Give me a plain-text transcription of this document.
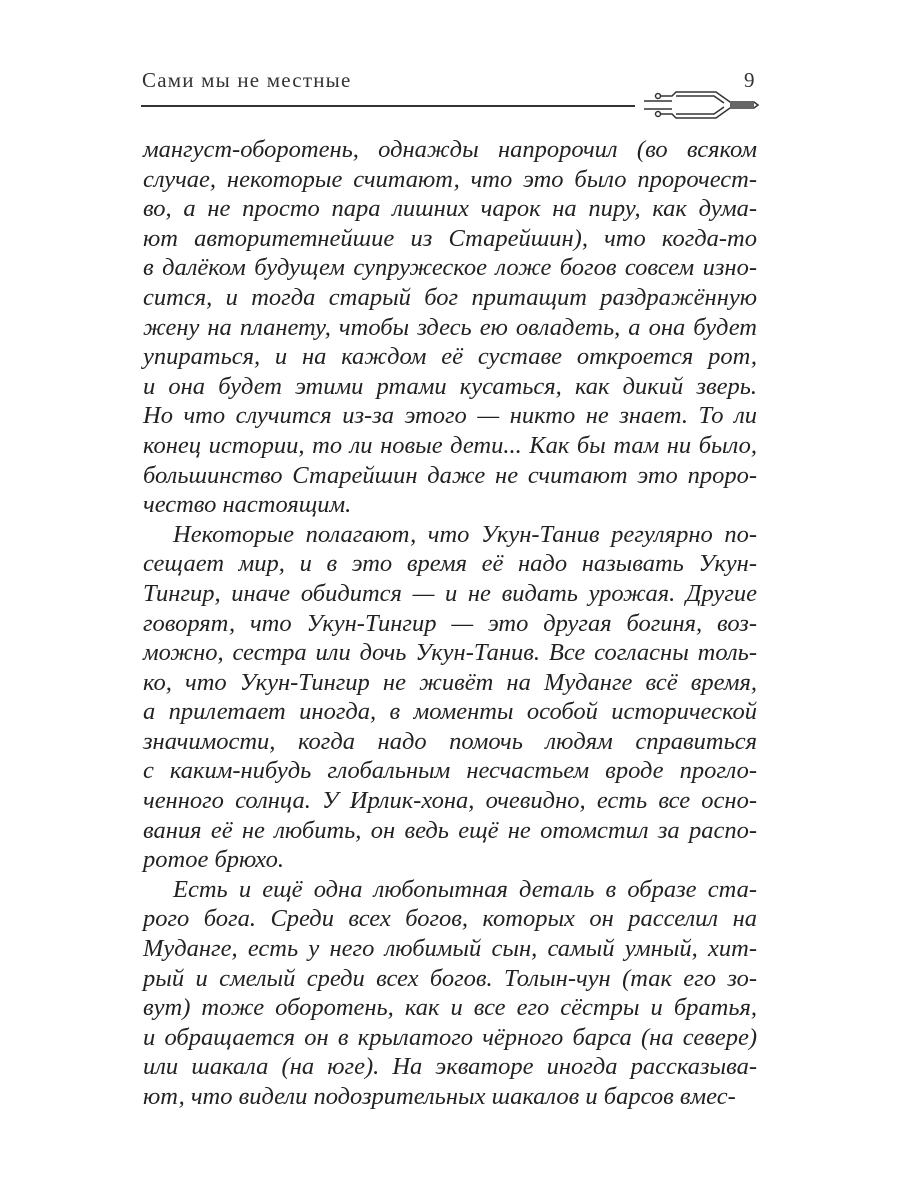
Сами мы не местные	9
мангуст-оборотень, однажды напророчил (во всяком
случае, некоторые считают, что это было пророчест-
во, а не просто пара лишних чарок на пиру, как дума-
ют авторитетнейшие из Старейшин), что когда-то
в далёком будущем супружеское ложе богов совсем изно-
сится, и тогда старый бог притащит раздражённую
жену на планету, чтобы здесь ею овладеть, а она будет
упираться, и на каждом её суставе откроется рот,
и она будет этими ртами кусаться, как дикий зверь.
Но что случится из-за этого — никто не знает. То ли
конец истории, то ли новые дети... Как бы там ни было,
большинство Старейшин даже не считают это проро-
чество настоящим.
Некоторые полагают, что Укун-Танив регулярно по-
сещает мир, и в это время её надо называть Укун-
Тингир, иначе обидится — и не видать урожая. Другие
говорят, что Укун-Тингир — это другая богиня, воз-
можно, сестра или дочь Укун-Танив. Все согласны толь-
ко, что Укун-Тингир не живёт на Муданге всё время,
а прилетает иногда, в моменты особой исторической
значимости, когда надо помочь людям справиться
с каким-нибудь глобальным несчастьем вроде прогло-
ченного солнца. У Ирлик-хона, очевидно, есть все осно-
вания её не любить, он ведь ещё не отомстил за распо-
ротое брюхо.
Есть и ещё одна любопытная деталь в образе ста-
рого бога. Среди всех богов, которых он расселил на
Муданге, есть у него любимый сын, самый умный, хит-
рый и смелый среди всех богов. Толын-чун (так его зо-
вут) тоже оборотень, как и все его сёстры и братья,
и обращается он в крылатого чёрного барса (на севере)
или шакала (на юге). На экваторе иногда рассказыва-
ют, что видели подозрительных шакалов и барсов вмес-
